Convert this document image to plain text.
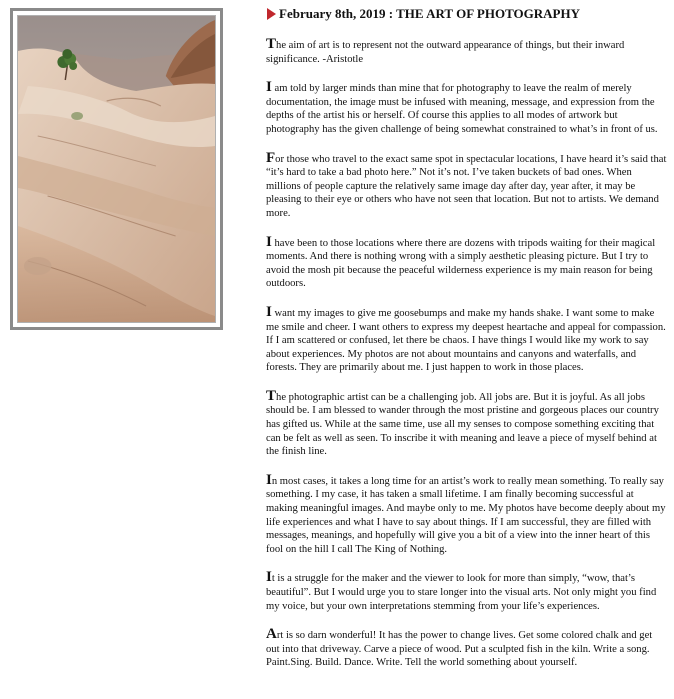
February 8th, 2019 : THE ART OF PHOTOGRAPHY

The aim of art is to represent not the outward appearance of things, but their inward significance. -Aristotle

I am told by larger minds than mine that for photography to leave the realm of merely documentation, the image must be infused with meaning, message, and expression from the depths of the artist his or herself. Of course this applies to all modes of artwork but photography has the given challenge of being somewhat constrained to what’s in front of us.

For those who travel to the exact same spot in spectacular locations, I have heard it’s said that “it’s hard to take a bad photo here.” Not it’s not. I’ve taken buckets of bad ones. When millions of people capture the relatively same image day after day, year after, it may be pleasing to their eye or others who have not seen that location. But not to artists. We demand more.

I have been to those locations where there are dozens with tripods waiting for their magical moments. And there is nothing wrong with a simply aesthetic pleasing picture. But I try to avoid the mosh pit because the peaceful wilderness experience is my main reason for being outdoors.

I want my images to give me goosebumps and make my hands shake. I want some to make me smile and cheer. I want others to express my deepest heartache and appeal for compassion. If I am scattered or confused, let there be chaos. I have things I would like my work to say about experiences. My photos are not about mountains and canyons and waterfalls, and forests. They are primarily about me. I just happen to work in those places.

The photographic artist can be a challenging job. All jobs are. But it is joyful. As all jobs should be. I am blessed to wander through the most pristine and gorgeous places our country has gifted us. While at the same time, use all my senses to compose something exciting that can be felt as well as seen. To inscribe it with meaning and leave a piece of myself behind at the finish line.

In most cases, it takes a long time for an artist’s work to really mean something. To really say something. I my case, it has taken a small lifetime. I am finally becoming successful at making meaningful images. And maybe only to me. My photos have become deeply about my life experiences and what I have to say about things. If I am successful, they are filled with messages, meanings, and hopefully will give you a bit of a view into the inner heart of this fool on the hill I call The King of Nothing.

It is a struggle for the maker and the viewer to look for more than simply, “wow, that’s beautiful”. But I would urge you to stare longer into the visual arts. Not only might you find my voice, but your own interpretations stemming from your life’s experiences.

Art is so darn wonderful! It has the power to change lives. Get some colored chalk and get out into that driveway. Carve a piece of wood. Put a sculpted fish in the kiln. Write a song. Paint.Sing. Build. Dance. Write. Tell the world something about yourself.
